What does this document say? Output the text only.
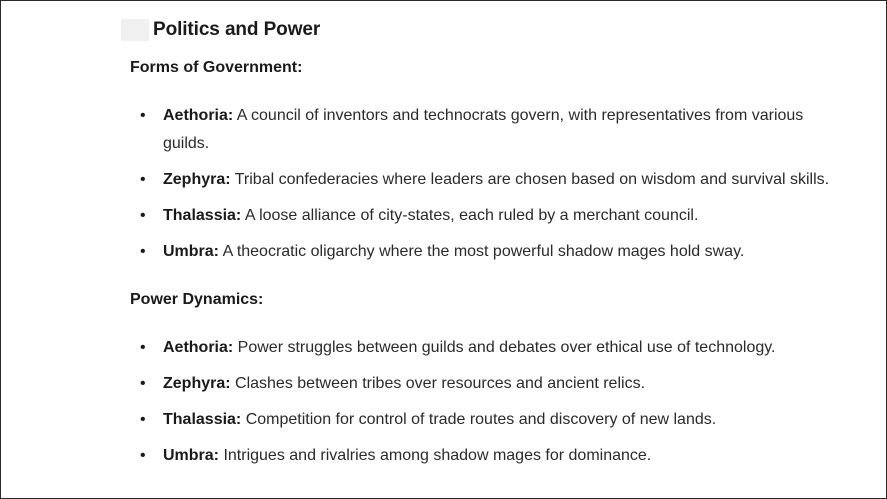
Politics and Power
Forms of Government:
• Aethoria: A council of inventors and technocrats govern, with representatives from various guilds.
• Zephyra: Tribal confederacies where leaders are chosen based on wisdom and survival skills.
• Thalassia: A loose alliance of city-states, each ruled by a merchant council.
• Umbra: A theocratic oligarchy where the most powerful shadow mages hold sway.
Power Dynamics:
• Aethoria: Power struggles between guilds and debates over ethical use of technology.
• Zephyra: Clashes between tribes over resources and ancient relics.
• Thalassia: Competition for control of trade routes and discovery of new lands.
• Umbra: Intrigues and rivalries among shadow mages for dominance.
